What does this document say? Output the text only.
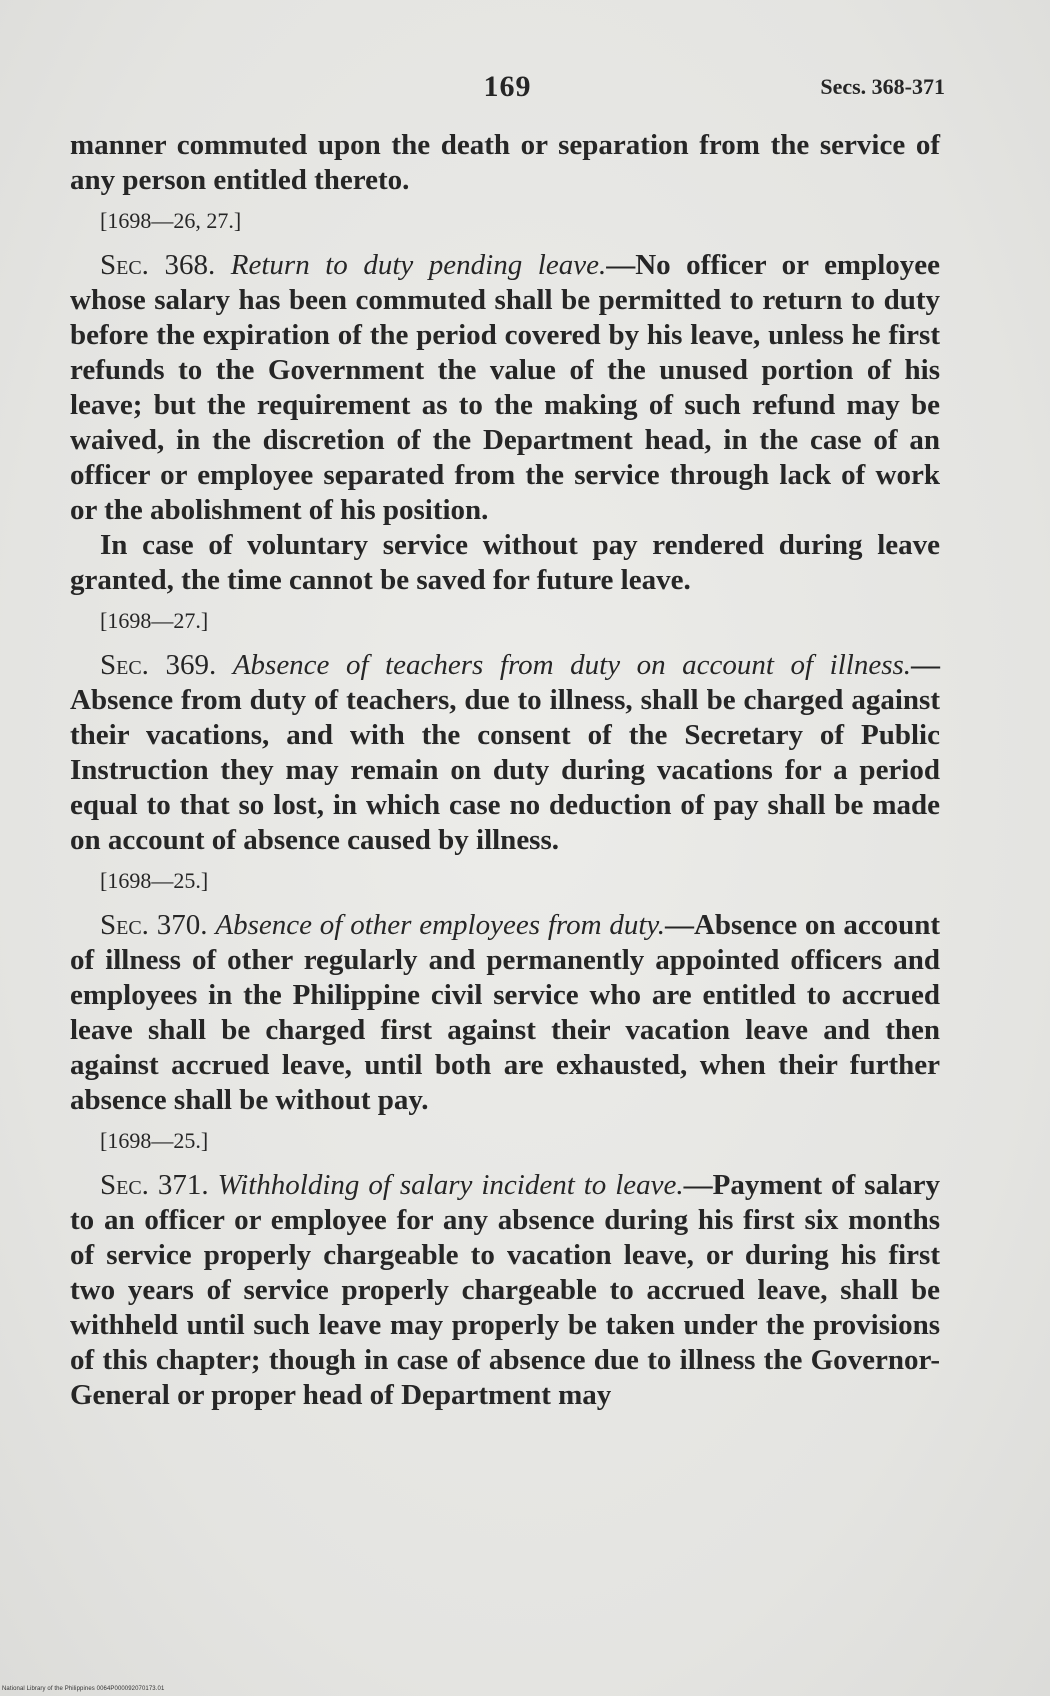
169	Secs. 368-371

manner commuted upon the death or separation from the service of any person entitled thereto.

[1698—26, 27.]

Sec. 368. Return to duty pending leave.—No officer or employee whose salary has been commuted shall be permitted to return to duty before the expiration of the period covered by his leave, unless he first refunds to the Government the value of the unused portion of his leave; but the requirement as to the making of such refund may be waived, in the discretion of the Department head, in the case of an officer or employee separated from the service through lack of work or the abolishment of his position.

In case of voluntary service without pay rendered during leave granted, the time cannot be saved for future leave.

[1698—27.]

Sec. 369. Absence of teachers from duty on account of illness.—Absence from duty of teachers, due to illness, shall be charged against their vacations, and with the consent of the Secretary of Public Instruction they may remain on duty during vacations for a period equal to that so lost, in which case no deduction of pay shall be made on account of absence caused by illness.

[1698—25.]

Sec. 370. Absence of other employees from duty.—Absence on account of illness of other regularly and permanently appointed officers and employees in the Philippine civil service who are entitled to accrued leave shall be charged first against their vacation leave and then against accrued leave, until both are exhausted, when their further absence shall be without pay.

[1698—25.]

Sec. 371. Withholding of salary incident to leave.—Payment of salary to an officer or employee for any absence during his first six months of service properly chargeable to vacation leave, or during his first two years of service properly chargeable to accrued leave, shall be withheld until such leave may properly be taken under the provisions of this chapter; though in case of absence due to illness the Governor-General or proper head of Department may

National Library of the Philippines 0064P000092070173.01
